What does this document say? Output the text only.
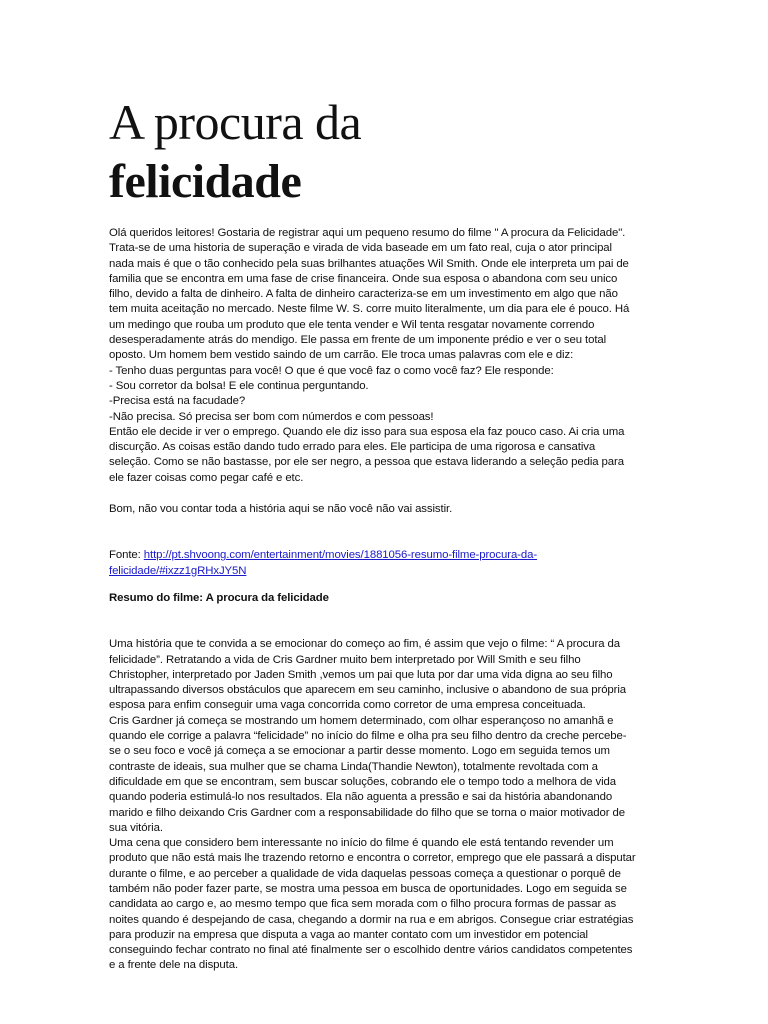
A procura da
felicidade

Olá queridos leitores! Gostaria de registrar aqui um pequeno resumo do filme " A procura da Felicidade".
Trata-se de uma historia de superação e virada de vida baseade em um fato real, cuja o ator principal
nada mais é que o tão conhecido pela suas brilhantes atuações Wil Smith. Onde ele interpreta um pai de
familia que se encontra em uma fase de crise financeira. Onde sua esposa o abandona com seu unico
filho, devido a falta de dinheiro. A falta de dinheiro caracteriza-se em um investimento em algo que não
tem muita aceitação no mercado. Neste filme W. S. corre muito literalmente, um dia para ele é pouco. Há
um medingo que rouba um produto que ele tenta vender e Wil tenta resgatar novamente correndo
desesperadamente atrás do mendigo. Ele passa em frente de um imponente prédio e ver o seu total
oposto. Um homem bem vestido saindo de um carrão. Ele troca umas palavras com ele e diz:
- Tenho duas perguntas para você! O que é que você faz o como você faz? Ele responde:
- Sou corretor da bolsa! E ele continua perguntando.
-Precisa está na facudade?
-Não precisa. Só precisa ser bom com númerdos e com pessoas!
Então ele decide ir ver o emprego. Quando ele diz isso para sua esposa ela faz pouco caso. Ai cria uma
discurção. As coisas estão dando tudo errado para eles. Ele participa de uma rigorosa e cansativa
seleção. Como se não bastasse, por ele ser negro, a pessoa que estava liderando a seleção pedia para
ele fazer coisas como pegar café e etc.

Bom, não vou contar toda a história aqui se não você não vai assistir.

Fonte: http://pt.shvoong.com/entertainment/movies/1881056-resumo-filme-procura-da-
felicidade/#ixzz1gRHxJY5N

Resumo do filme: A procura da felicidade

Uma história que te convida a se emocionar do começo ao fim, é assim que vejo o filme: “ A procura da
felicidade”. Retratando a vida de Cris Gardner muito bem interpretado por Will Smith e seu filho
Christopher, interpretado por Jaden Smith ,vemos um pai que luta por dar uma vida digna ao seu filho
ultrapassando diversos obstáculos que aparecem em seu caminho, inclusive o abandono de sua própria
esposa para enfim conseguir uma vaga concorrida como corretor de uma empresa conceituada.
Cris Gardner já começa se mostrando um homem determinado, com olhar esperançoso no amanhã e
quando ele corrige a palavra “felicidade” no início do filme e olha pra seu filho dentro da creche percebe-
se o seu foco e você já começa a se emocionar a partir desse momento. Logo em seguida temos um
contraste de ideais, sua mulher que se chama Linda(Thandie Newton), totalmente revoltada com a
dificuldade em que se encontram, sem buscar soluções, cobrando ele o tempo todo a melhora de vida
quando poderia estimulá-lo nos resultados. Ela não aguenta a pressão e sai da história abandonando
marido e filho deixando Cris Gardner com a responsabilidade do filho que se torna o maior motivador de
sua vitória.
Uma cena que considero bem interessante no início do filme é quando ele está tentando revender um
produto que não está mais lhe trazendo retorno e encontra o corretor, emprego que ele passará a disputar
durante o filme, e ao perceber a qualidade de vida daquelas pessoas começa a questionar o porquê de
também não poder fazer parte, se mostra uma pessoa em busca de oportunidades. Logo em seguida se
candidata ao cargo e, ao mesmo tempo que fica sem morada com o filho procura formas de passar as
noites quando é despejando de casa, chegando a dormir na rua e em abrigos. Consegue criar estratégias
para produzir na empresa que disputa a vaga ao manter contato com um investidor em potencial
conseguindo fechar contrato no final até finalmente ser o escolhido dentre vários candidatos competentes
e a frente dele na disputa.
